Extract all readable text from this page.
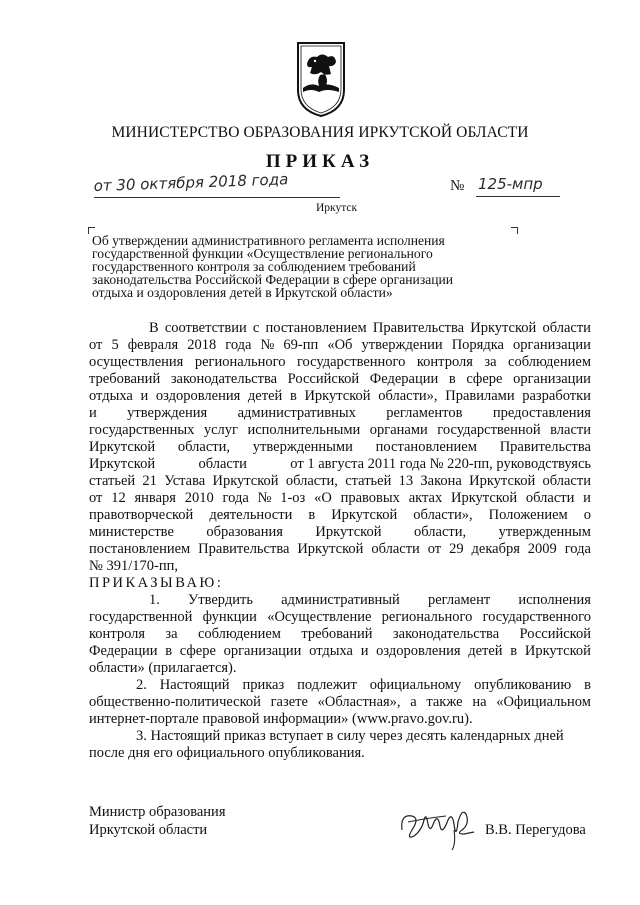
МИНИСТЕРСТВО ОБРАЗОВАНИЯ ИРКУТСКОЙ ОБЛАСТИ
ПРИКАЗ
от 30 октября 2018 года	№ 125-мпр
Иркутск
Об утверждении административного регламента исполнения
государственной функции «Осуществление регионального
государственного контроля за соблюдением требований
законодательства Российской Федерации в сфере организации
отдыха и оздоровления детей в Иркутской области»
В соответствии с постановлением Правительства Иркутской области
от 5 февраля 2018 года № 69-пп «Об утверждении Порядка организации
осуществления регионального государственного контроля за соблюдением
требований законодательства Российской Федерации в сфере организации
отдыха и оздоровления детей в Иркутской области», Правилами разработки
и утверждения административных регламентов предоставления
государственных услуг исполнительными органами государственной власти
Иркутской области, утвержденными постановлением Правительства
Иркутской	области	от 1 августа 2011 года № 220-пп, руководствуясь
статьей 21 Устава Иркутской области, статьей 13 Закона Иркутской области
от 12 января 2010 года № 1-оз «О правовых актах Иркутской области и
правотворческой деятельности в Иркутской области», Положением о
министерстве образования Иркутской области, утвержденным
постановлением Правительства Иркутской области от 29 декабря 2009 года
№ 391/170-пп,
ПРИКАЗЫВАЮ:
1. Утвердить административный регламент исполнения
государственной функции «Осуществление регионального государственного
контроля за соблюдением требований законодательства Российской
Федерации в сфере организации отдыха и оздоровления детей в Иркутской
области» (прилагается).
2. Настоящий приказ подлежит официальному опубликованию в
общественно-политической газете «Областная», а также на «Официальном
интернет-портале правовой информации» (www.pravo.gov.ru).
3. Настоящий приказ вступает в силу через десять календарных дней
после дня его официального опубликования.
Министр образования
Иркутской области	В.В. Перегудова
